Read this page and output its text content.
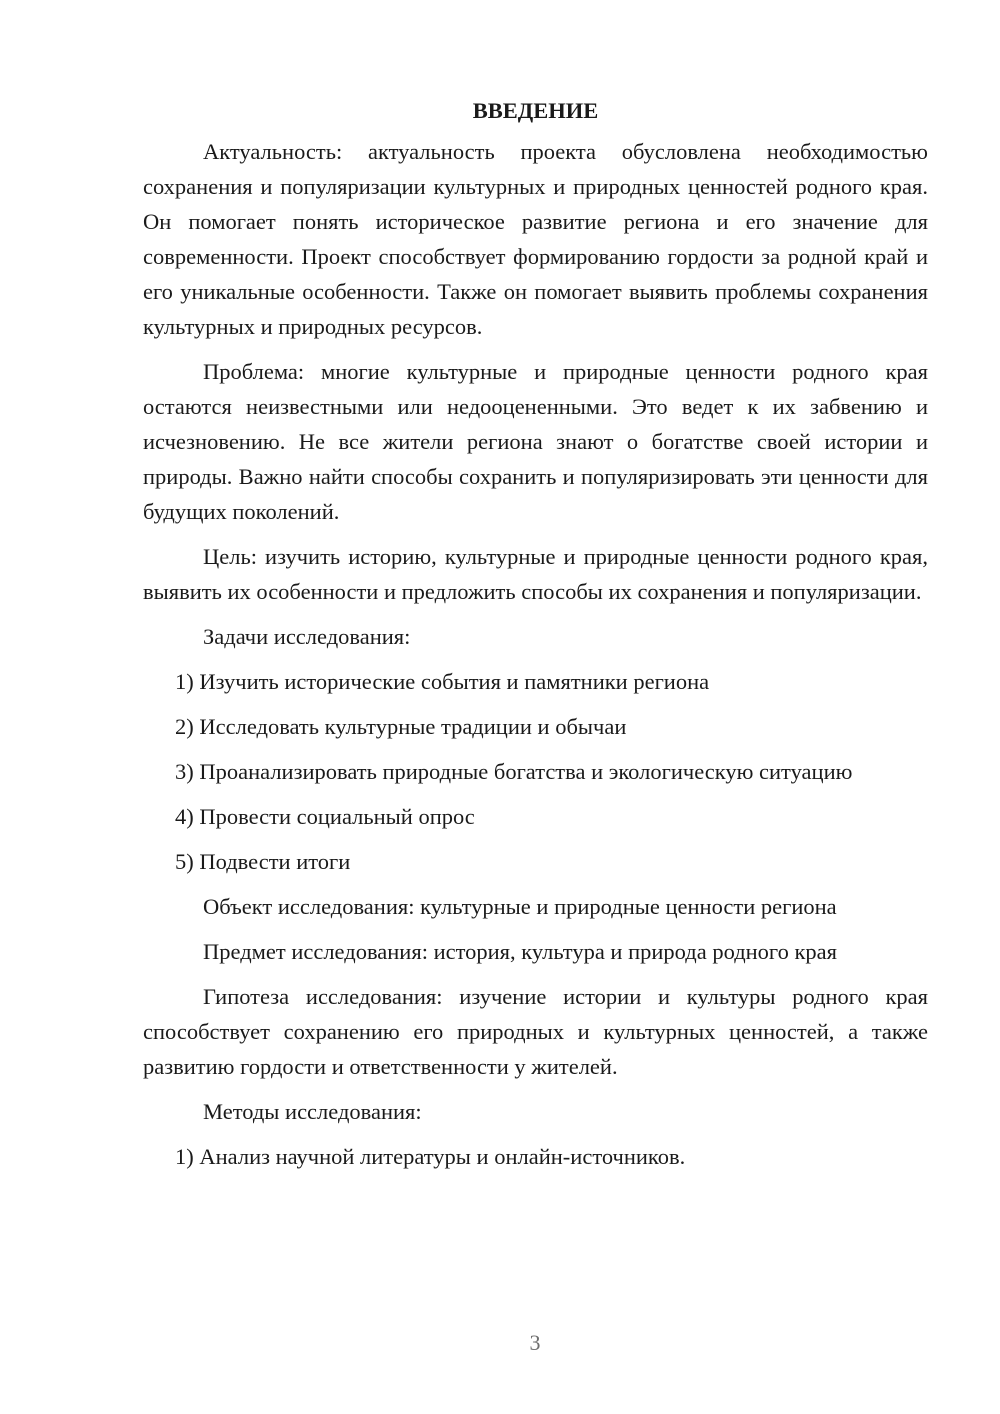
ВВЕДЕНИЕ

Актуальность: актуальность проекта обусловлена необходимостью сохранения и популяризации культурных и природных ценностей родного края. Он помогает понять историческое развитие региона и его значение для современности. Проект способствует формированию гордости за родной край и его уникальные особенности. Также он помогает выявить проблемы сохранения культурных и природных ресурсов.

Проблема: многие культурные и природные ценности родного края остаются неизвестными или недооцененными. Это ведет к их забвению и исчезновению. Не все жители региона знают о богатстве своей истории и природы. Важно найти способы сохранить и популяризировать эти ценности для будущих поколений.

Цель: изучить историю, культурные и природные ценности родного края, выявить их особенности и предложить способы их сохранения и популяризации.

Задачи исследования:

1) Изучить исторические события и памятники региона

2) Исследовать культурные традиции и обычаи

3) Проанализировать природные богатства и экологическую ситуацию

4) Провести социальный опрос

5) Подвести итоги

Объект исследования: культурные и природные ценности региона

Предмет исследования: история, культура и природа родного края

Гипотеза исследования: изучение истории и культуры родного края способствует сохранению его природных и культурных ценностей, а также развитию гордости и ответственности у жителей.

Методы исследования:

1) Анализ научной литературы и онлайн-источников.

3
